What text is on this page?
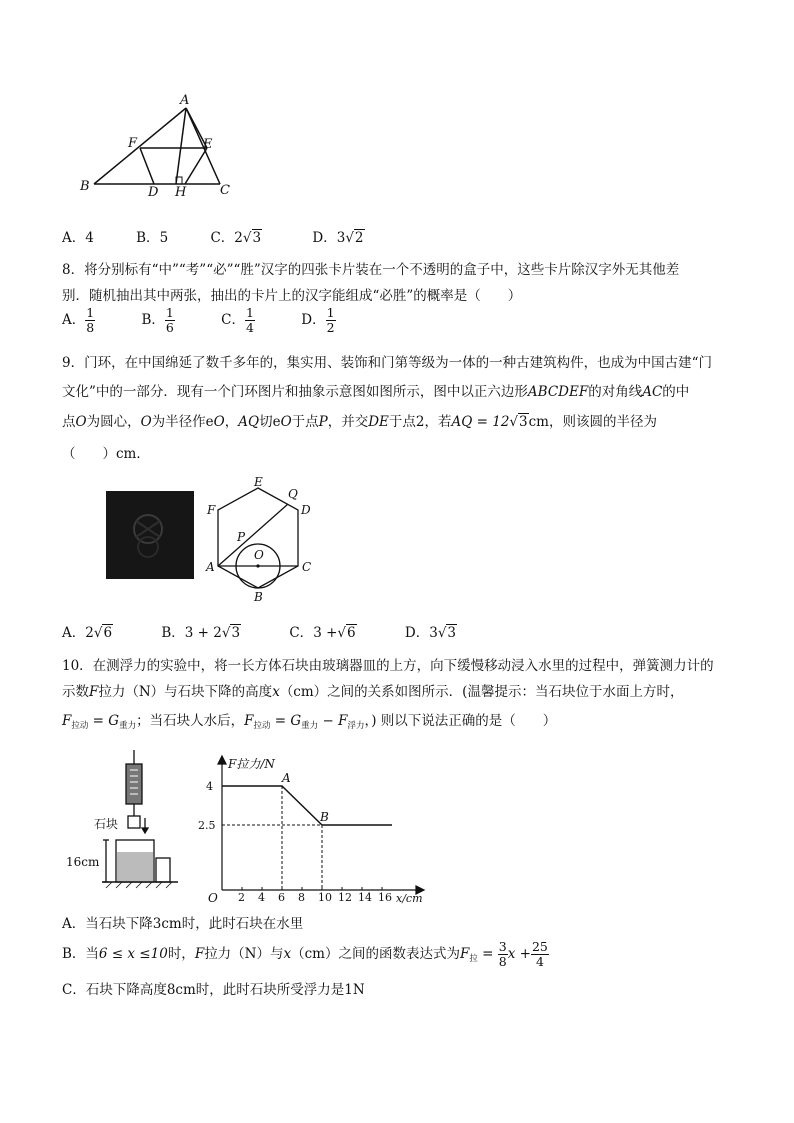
A
F	E
B	D H	C
A．4	B．5	C．2√3	D．3√2
8．将分别标有“中”“考”“必”“胜”汉字的四张卡片装在一个不透明的盒子中，这些卡片除汉字外无其他差
别．随机抽出其中两张，抽出的卡片上的汉字能组成“必胜”的概率是（　　）
A． $\frac{1}{8}$	B． $\frac{1}{6}$	C． $\frac{1}{4}$	D． $\frac{1}{2}$
9．门环，在中国绵延了数千多年的，集实用、装饰和门第等级为一体的一种古建筑构件，也成为中国古建“门
文化”中的一部分．现有一个门环图片和抽象示意图如图所示，图中以正六边形ABCDEF的对角线AC的中
点O为圆心，O为半径作eO，AQ切eO于点P，并交DE于点2，若AQ = 12√3cm，则该圆的半径为
（　　）cm．
E
Q
D
F
P
O
A	C
B
A．2√6	B．3 + 2√3	C．3 +√6	D．3√3
10．在测浮力的实验中，将一长方体石块由玻璃器皿的上方，向下缓慢移动浸入水里的过程中，弹簧测力计的
示数F拉力（N）与石块下降的高度x（cm）之间的关系如图所示．(温馨提示：当石块位于水面上方时，
$F_{拉动} = G_{重力}$；当石块人水后，$F_{拉动} = G_{重力} - F_{浮力}$，) 则以下说法正确的是（　　）
石块
16cm
2 4 6 8 10 12 14 16
4
2.5
A
B
F拉力/N
x/cm
O
A．当石块下降3cm时，此时石块在水里
B．当6 ≤ x ≤10时，F拉力（N）与x（cm）之间的函数表达式为$F_拉 = \frac{3}{8}$ $x + \frac{25}{4}$
C．石块下降高度8cm时，此时石块所受浮力是1N
